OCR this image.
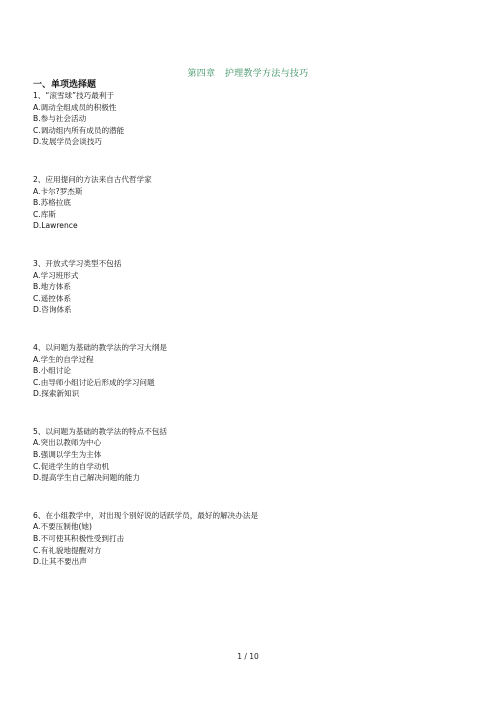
第四章   护理教学方法与技巧
一、单项选择题
1、“滚雪球”技巧最利于
A.调动全组成员的积极性
B.参与社会活动
C.调动组内所有成员的潜能
D.发展学员会谈技巧
2、应用提问的方法来自古代哲学家
A.卡尔?罗杰斯
B.苏格拉底
C.库斯
D.Lawrence
3、开放式学习类型不包括
A.学习班形式
B.地方体系
C.遥控体系
D.咨询体系
4、以问题为基础的教学法的学习大纲是
A.学生的自学过程
B.小组讨论
C.由导师小组讨论后形成的学习问题
D.探索新知识
5、以问题为基础的教学法的特点不包括
A.突出以教师为中心
B.强调以学生为主体
C.促进学生的自学动机
D.提高学生自己解决问题的能力
6、在小组教学中，对出现个别好说的话跃学员，最好的解决办法是
A.不要压制他(她)
B.不可使其积极性受到打击
C.有礼貌地提醒对方
D.让其不要出声
1 / 10
